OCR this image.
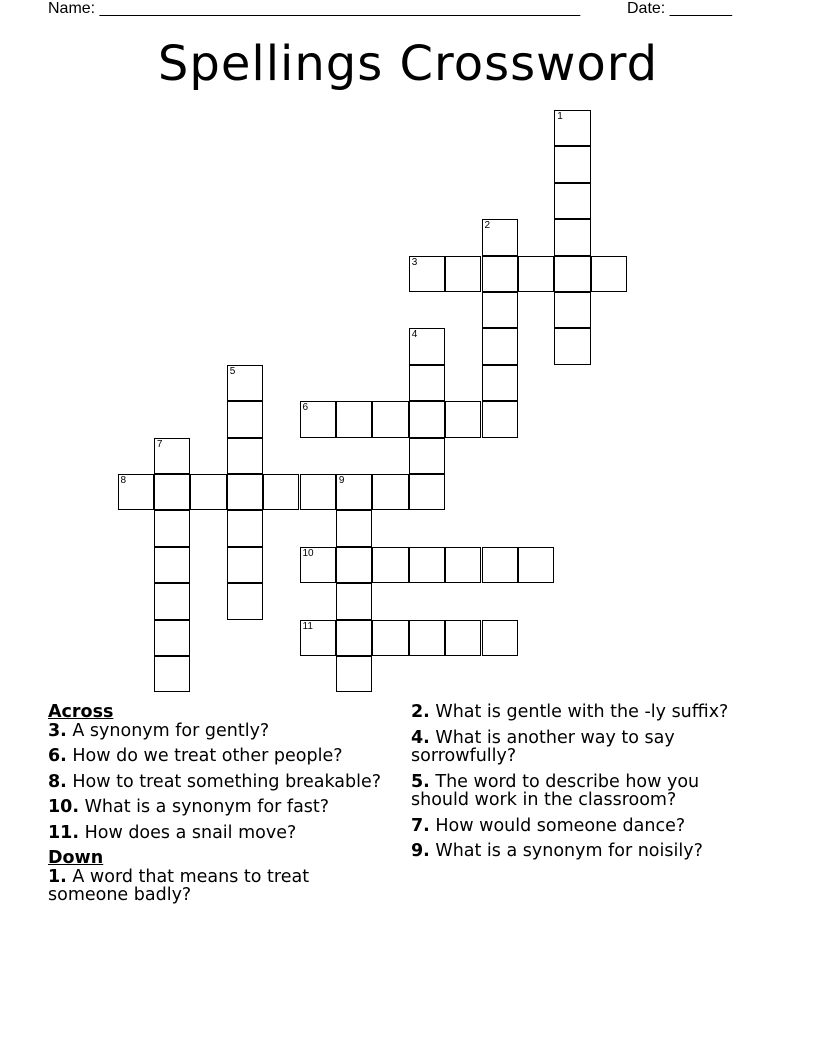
Name: ______________________________________________________	Date: _______
Spellings Crossword
1
2
3
4
5
6
7
8	9
10
11

Across

3. A synonym for gently?

6. How do we treat other people?

8. How to treat something breakable?

10. What is a synonym for fast?

11. How does a snail move?

Down

1. A word that means to treat someone badly?

2. What is gentle with the -ly suffix?

4. What is another way to say sorrowfully?

5. The word to describe how you should work in the classroom?

7. How would someone dance?

9. What is a synonym for noisily?
